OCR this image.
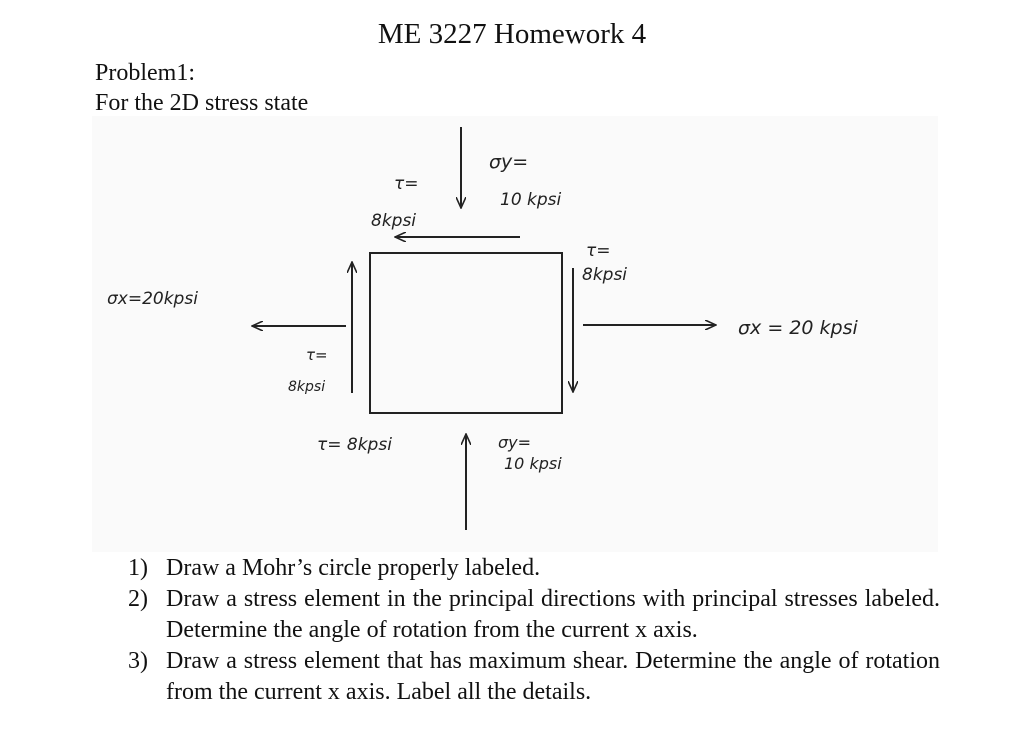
ME 3227 Homework 4
Problem1:
For the 2D stress state
τ=
8kpsi
σy=
10 kpsi
τ=
8kpsi
σx=20kpsi
σx = 20 kpsi
τ=
8kpsi
τ= 8kpsi	σy=
10 kpsi
1) Draw a Mohr’s circle properly labeled.
2) Draw a stress element in the principal directions with principal stresses labeled. Determine the angle of rotation from the current x axis.
3) Draw a stress element that has maximum shear. Determine the angle of rotation from the current x axis. Label all the details.
